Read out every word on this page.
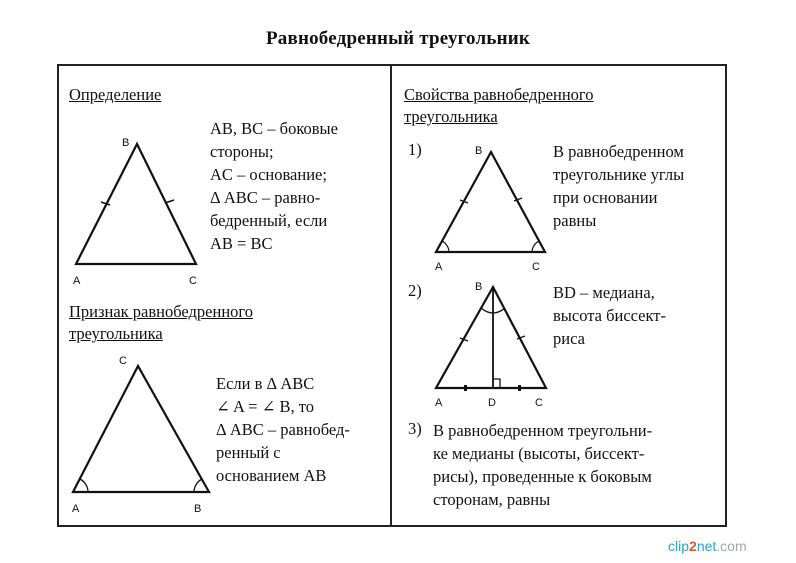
Равнобедренный треугольник
Определение
B
A	C
AB, BC – боковые
стороны;
AC – основание;
Δ ABC – равно-
бедренный, если
AB = BC
Признак равнобедренного
треугольника
C
A	B
Если в Δ ABC
∠ A = ∠ B, то
Δ ABC – равнобед-
ренный с
основанием AB
Свойства равнобедренного
треугольника
1)	B
A	C
В равнобедренном
треугольнике углы
при основании
равны
2)	B
A	D	C
BD – медиана,
высота биссект-
риса
3) В равнобедренном треугольни-
ке медианы (высоты, биссект-
рисы), проведенные к боковым
сторонам, равны
clip2net.com
